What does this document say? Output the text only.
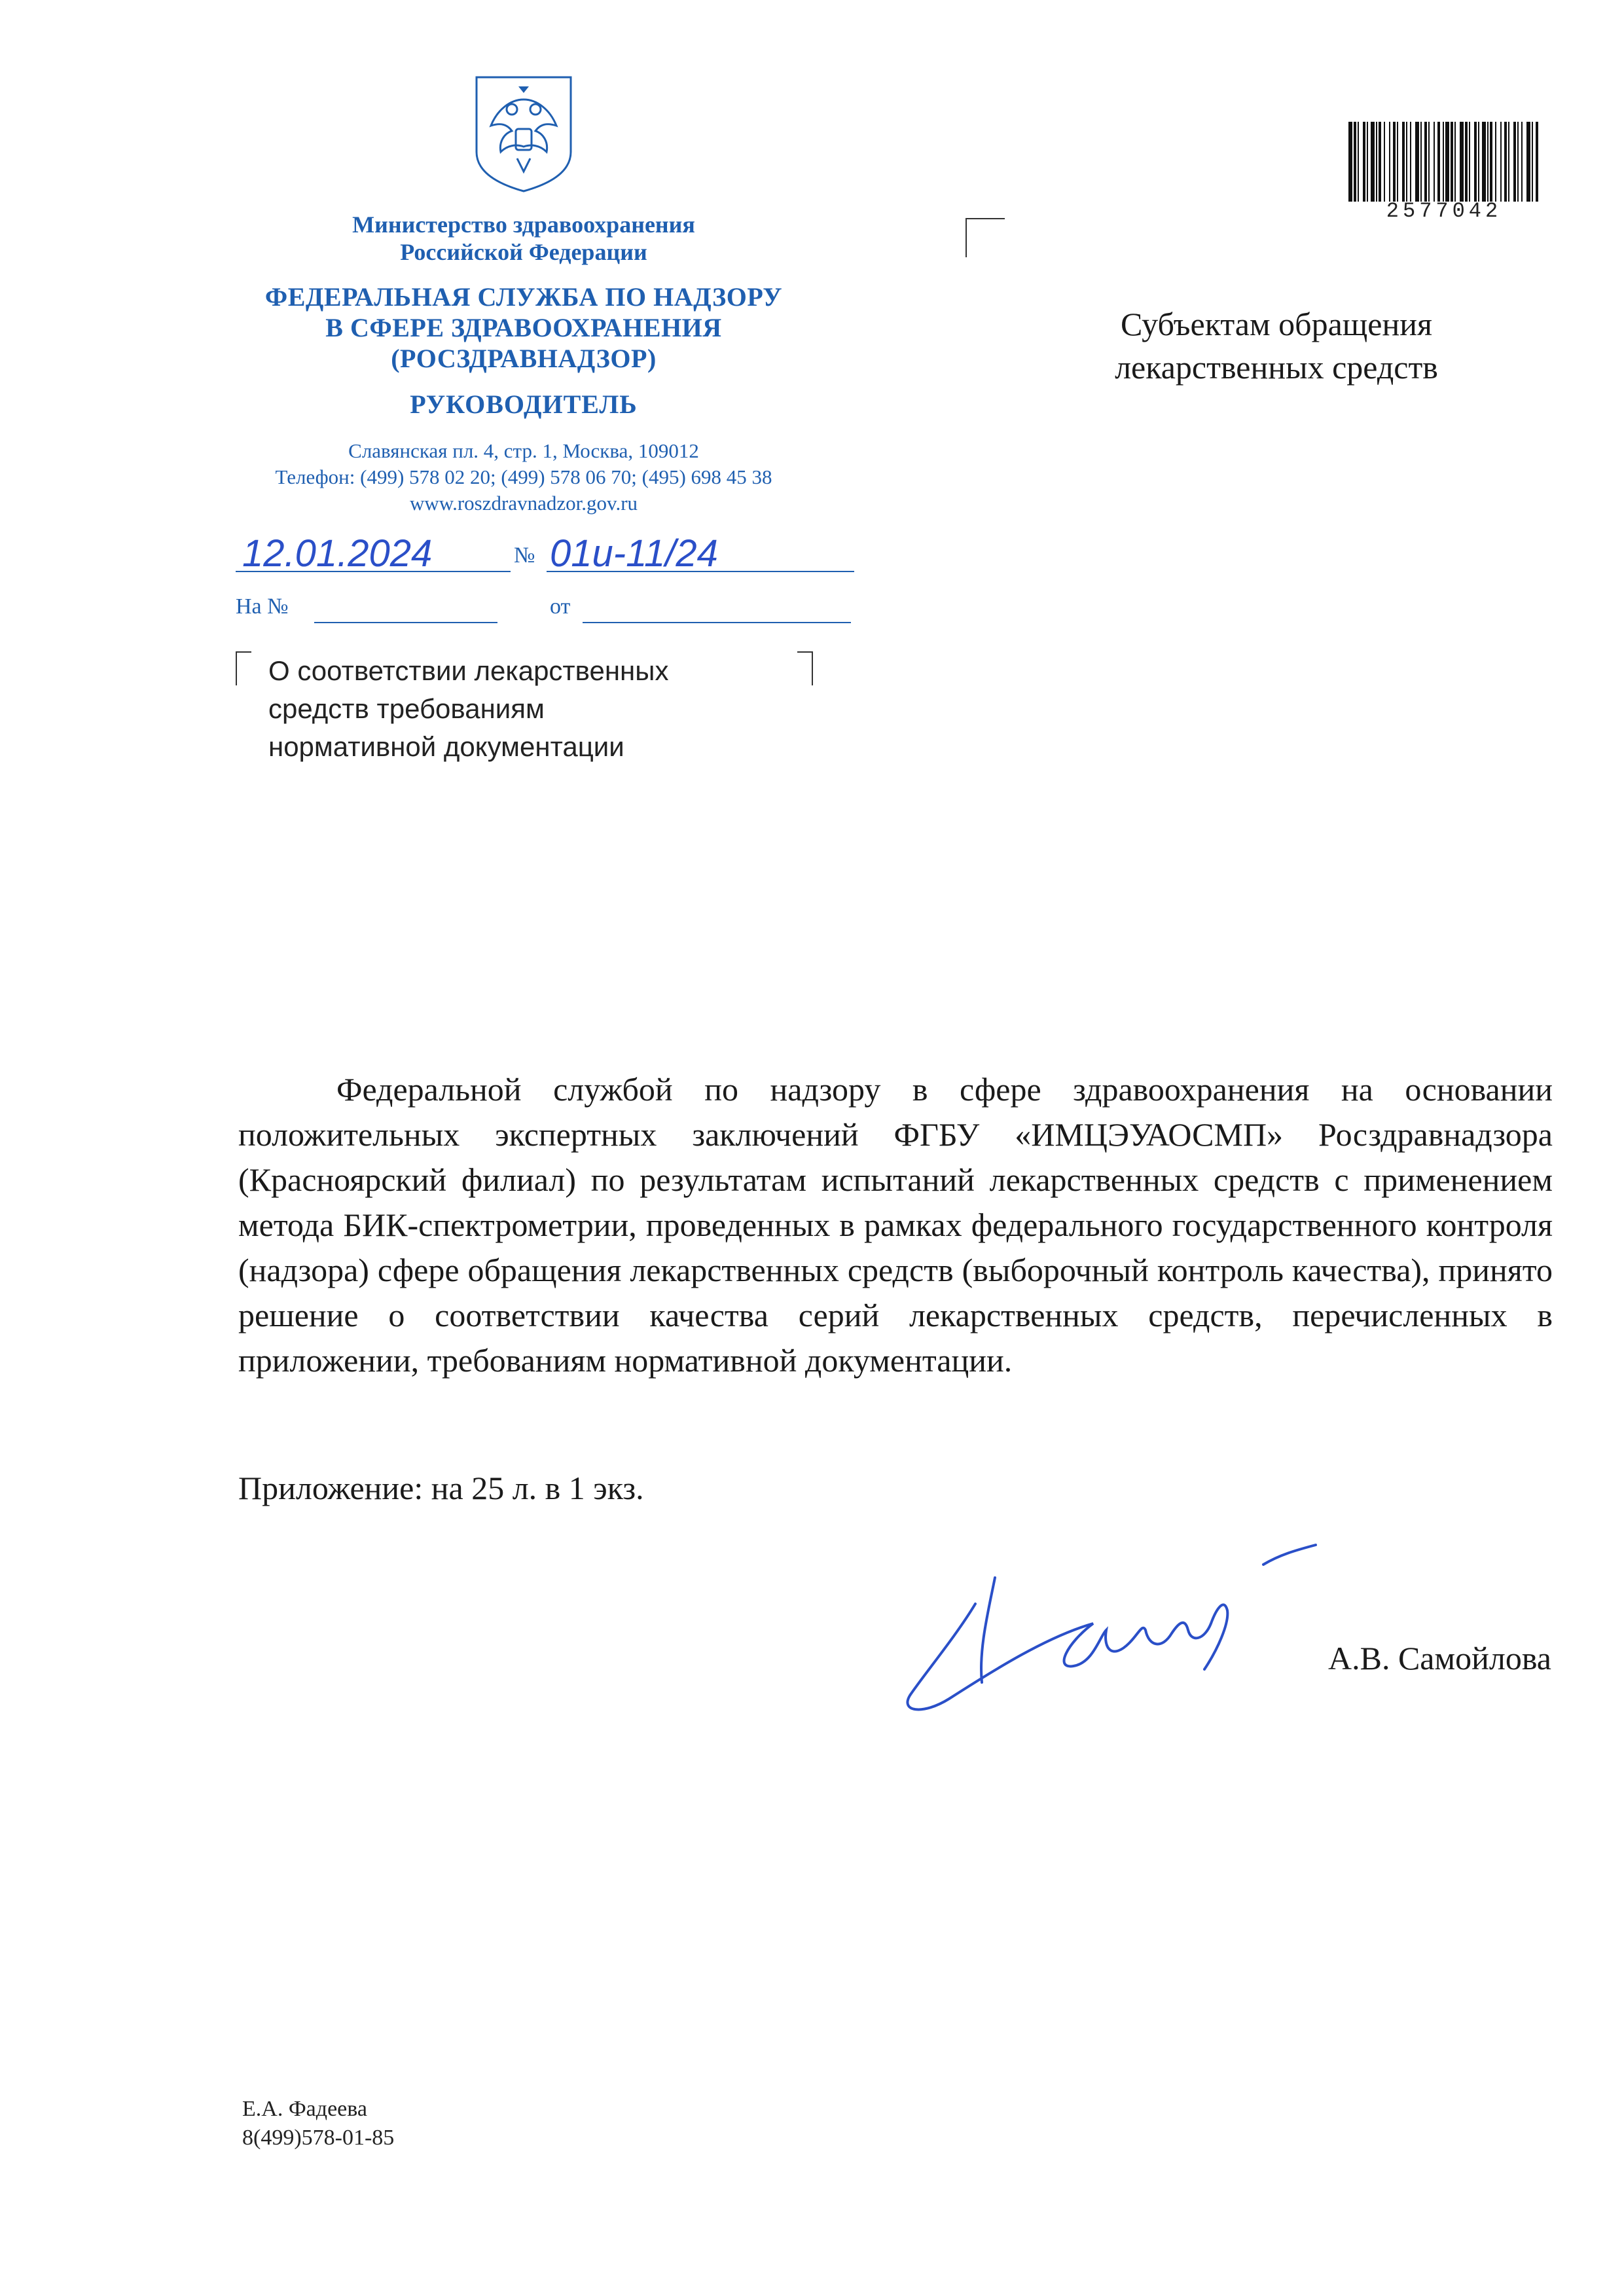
Министерство здравоохранения
Российской Федерации
ФЕДЕРАЛЬНАЯ СЛУЖБА ПО НАДЗОРУ
В СФЕРЕ ЗДРАВООХРАНЕНИЯ
(РОСЗДРАВНАДЗОР)
РУКОВОДИТЕЛЬ
Славянская пл. 4, стр. 1, Москва, 109012
Телефон: (499) 578 02 20; (499) 578 06 70; (495) 698 45 38
www.roszdravnadzor.gov.ru
12.01.2024	№ 01и-11/24
На №	от
О соответствии лекарственных
средств требованиям
нормативной документации
Субъектам обращения
лекарственных средств
2577042
Федеральной службой по надзору в сфере здравоохранения на основании положительных экспертных заключений ФГБУ «ИМЦЭУАОСМП» Росздравнадзора (Красноярский филиал) по результатам испытаний лекарственных средств с применением метода БИК-спектрометрии, проведенных в рамках федерального государственного контроля (надзора) сфере обращения лекарственных средств (выборочный контроль качества), принято решение о соответствии качества серий лекарственных средств, перечисленных в приложении, требованиям нормативной документации.
Приложение: на 25 л. в 1 экз.
А.В. Самойлова
Е.А. Фадеева
8(499)578-01-85
